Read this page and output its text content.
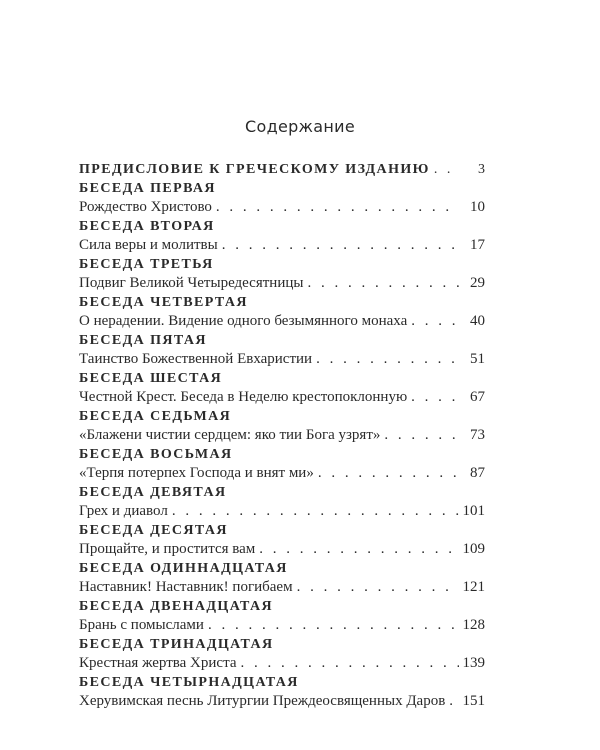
Содержание
ПРЕДИСЛОВИЕ К ГРЕЧЕСКОМУ ИЗДАНИЮ . . .	3
БЕСЕДА ПЕРВАЯ
Рождество Христово . . .	10
БЕСЕДА ВТОРАЯ
Сила веры и молитвы . . .	17
БЕСЕДА ТРЕТЬЯ
Подвиг Великой Четыредесятницы . . .	29
БЕСЕДА ЧЕТВЕРТАЯ
О нерадении. Видение одного безымянного монаха . . .	40
БЕСЕДА ПЯТАЯ
Таинство Божественной Евхаристии . . .	51
БЕСЕДА ШЕСТАЯ
Честной Крест. Беседа в Неделю крестопоклонную . . .	67
БЕСЕДА СЕДЬМАЯ
«Блажени чистии сердцем: яко тии Бога узрят» . . .	73
БЕСЕДА ВОСЬМАЯ
«Терпя потерпех Господа и внят ми» . . .	87
БЕСЕДА ДЕВЯТАЯ
Грех и диавол . . .	101
БЕСЕДА ДЕСЯТАЯ
Прощайте, и простится вам . . .	109
БЕСЕДА ОДИННАДЦАТАЯ
Наставник! Наставник! погибаем . . .	121
БЕСЕДА ДВЕНАДЦАТАЯ
Брань с помыслами . . .	128
БЕСЕДА ТРИНАДЦАТАЯ
Крестная жертва Христа . . .	139
БЕСЕДА ЧЕТЫРНАДЦАТАЯ
Херувимская песнь Литургии Преждеосвященных Даров . . . 151
